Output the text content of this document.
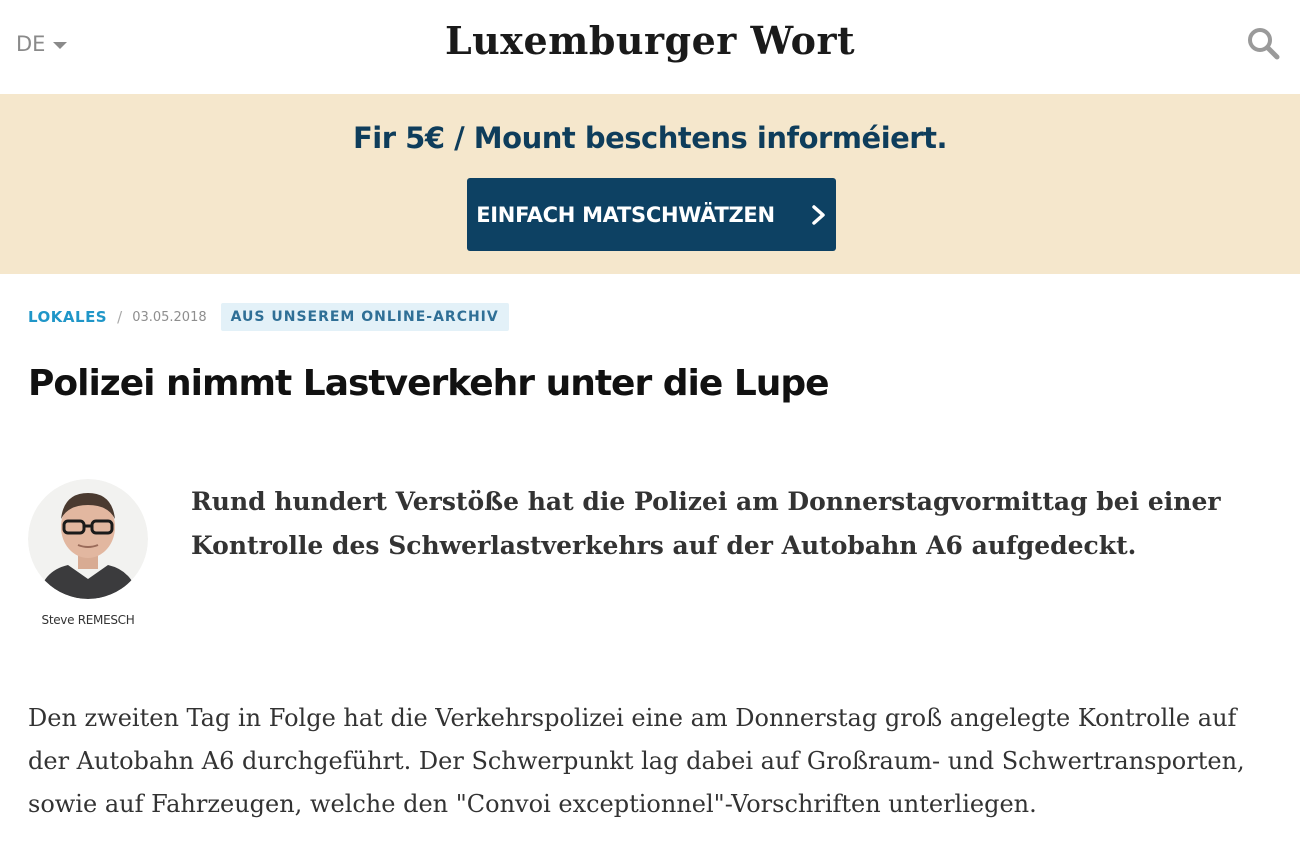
DE	Luxemburger Wort
Fir 5€ / Mount beschtens informéiert.
EINFACH MATSCHWÄTZEN
LOKALES / 03.05.2018	AUS UNSEREM ONLINE-ARCHIV
Polizei nimmt Lastverkehr unter die Lupe
Steve REMESCH

Rund hundert Verstöße hat die Polizei am Donnerstagvormittag bei einer Kontrolle des Schwerlastverkehrs auf der Autobahn A6 aufgedeckt.

Den zweiten Tag in Folge hat die Verkehrspolizei eine am Donnerstag groß angelegte Kontrolle auf der Autobahn A6 durchgeführt. Der Schwerpunkt lag dabei auf Großraum- und Schwertransporten, sowie auf Fahrzeugen, welche den "Convoi exceptionnel"-Vorschriften unterliegen.
